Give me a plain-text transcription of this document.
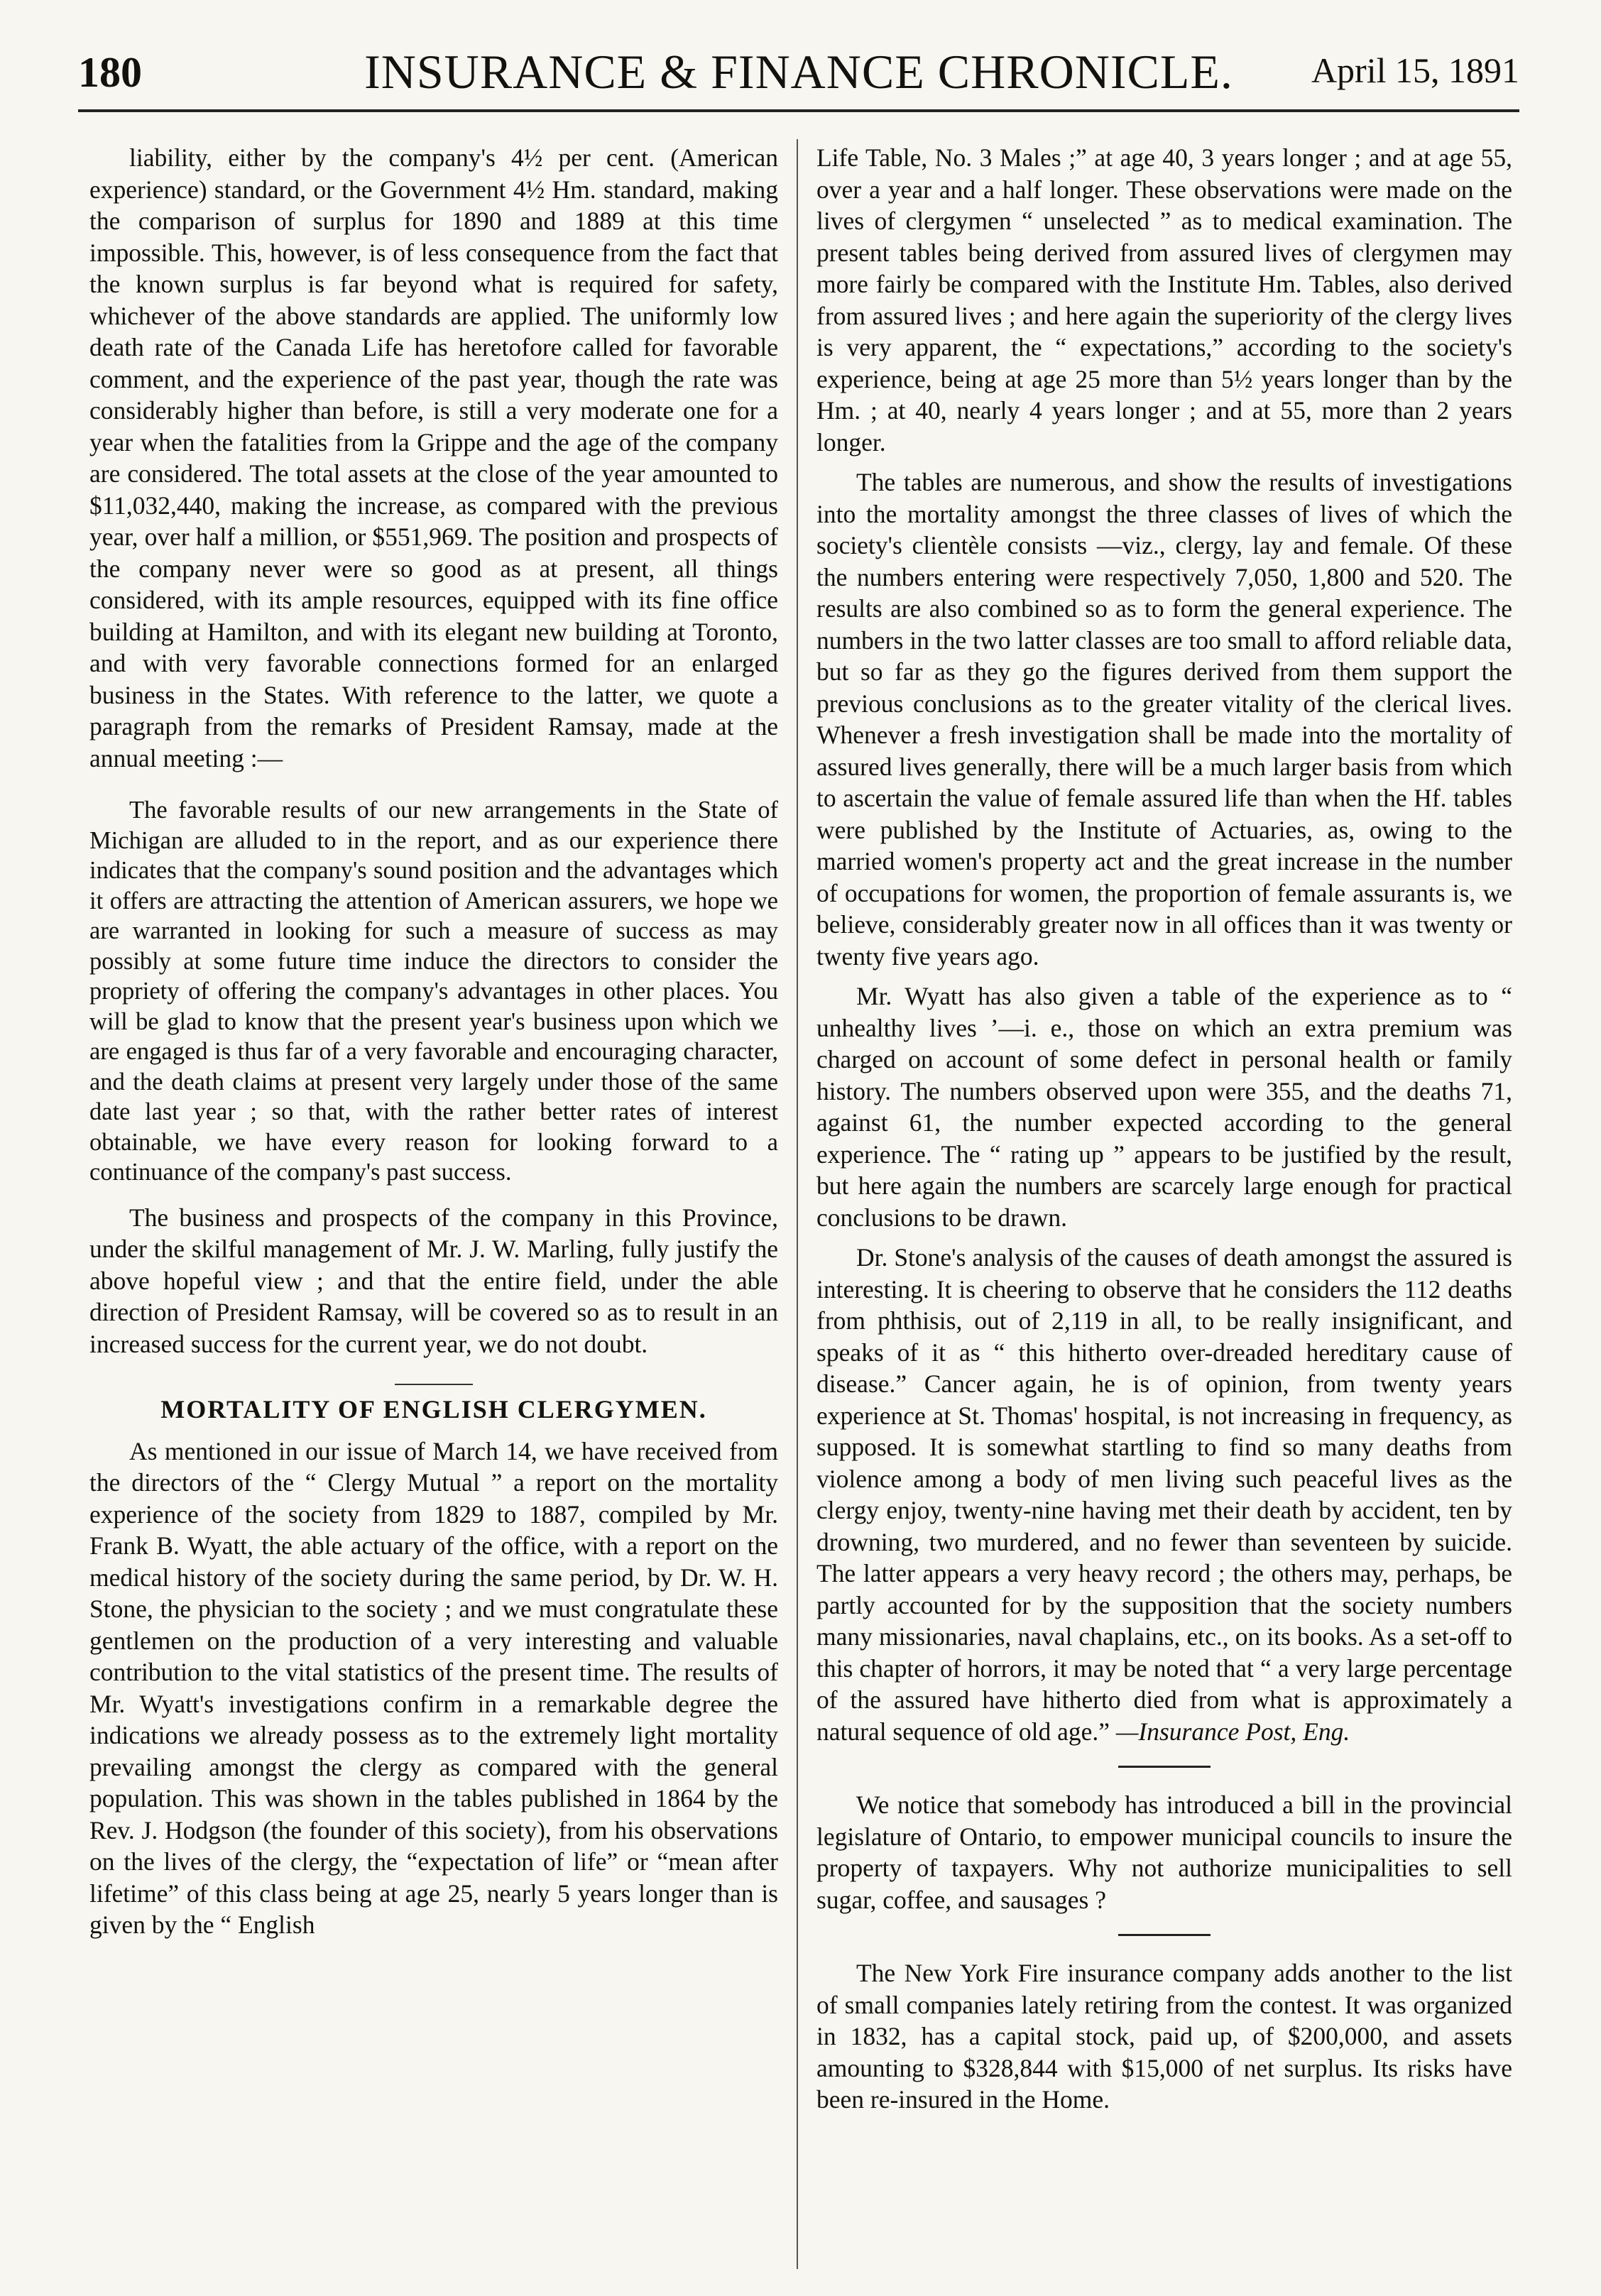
180	INSURANCE & FINANCE CHRONICLE.	April 15, 1891

liability, either by the company's 4½ per cent. (American experience) standard, or the Government 4½ Hm. standard, making the comparison of surplus for 1890 and 1889 at this time impossible. This, however, is of less consequence from the fact that the known surplus is far beyond what is required for safety, whichever of the above standards are applied. The uniformly low death rate of the Canada Life has heretofore called for favorable comment, and the experience of the past year, though the rate was considerably higher than before, is still a very moderate one for a year when the fatalities from la Grippe and the age of the company are considered. The total assets at the close of the year amounted to $11,032,440, making the increase, as compared with the previous year, over half a million, or $551,969. The position and prospects of the company never were so good as at present, all things considered, with its ample resources, equipped with its fine office building at Hamilton, and with its elegant new building at Toronto, and with very favorable connections formed for an enlarged business in the States. With reference to the latter, we quote a paragraph from the remarks of President Ramsay, made at the annual meeting :—

The favorable results of our new arrangements in the State of Michigan are alluded to in the report, and as our experience there indicates that the company's sound position and the advantages which it offers are attracting the attention of American assurers, we hope we are warranted in looking for such a measure of success as may possibly at some future time induce the directors to consider the propriety of offering the company's advantages in other places. You will be glad to know that the present year's business upon which we are engaged is thus far of a very favorable and encouraging character, and the death claims at present very largely under those of the same date last year ; so that, with the rather better rates of interest obtainable, we have every reason for looking forward to a continuance of the company's past success.

The business and prospects of the company in this Province, under the skilful management of Mr. J. W. Marling, fully justify the above hopeful view ; and that the entire field, under the able direction of President Ramsay, will be covered so as to result in an increased success for the current year, we do not doubt.

MORTALITY OF ENGLISH CLERGYMEN.

As mentioned in our issue of March 14, we have received from the directors of the “ Clergy Mutual ” a report on the mortality experience of the society from 1829 to 1887, compiled by Mr. Frank B. Wyatt, the able actuary of the office, with a report on the medical history of the society during the same period, by Dr. W. H. Stone, the physician to the society ; and we must congratulate these gentlemen on the production of a very interesting and valuable contribution to the vital statistics of the present time. The results of Mr. Wyatt's investigations confirm in a remarkable degree the indications we already possess as to the extremely light mortality prevailing amongst the clergy as compared with the general population. This was shown in the tables published in 1864 by the Rev. J. Hodgson (the founder of this society), from his observations on the lives of the clergy, the “expectation of life” or “mean after lifetime” of this class being at age 25, nearly 5 years longer than is given by the “ English

Life Table, No. 3 Males ;” at age 40, 3 years longer ; and at age 55, over a year and a half longer. These observations were made on the lives of clergymen “ unselected ” as to medical examination. The present tables being derived from assured lives of clergymen may more fairly be compared with the Institute Hm. Tables, also derived from assured lives ; and here again the superiority of the clergy lives is very apparent, the “ expectations,” according to the society's experience, being at age 25 more than 5½ years longer than by the Hm. ; at 40, nearly 4 years longer ; and at 55, more than 2 years longer.

The tables are numerous, and show the results of investigations into the mortality amongst the three classes of lives of which the society's clientèle consists —viz., clergy, lay and female. Of these the numbers entering were respectively 7,050, 1,800 and 520. The results are also combined so as to form the general experience. The numbers in the two latter classes are too small to afford reliable data, but so far as they go the figures derived from them support the previous conclusions as to the greater vitality of the clerical lives. Whenever a fresh investigation shall be made into the mortality of assured lives generally, there will be a much larger basis from which to ascertain the value of female assured life than when the Hf. tables were published by the Institute of Actuaries, as, owing to the married women's property act and the great increase in the number of occupations for women, the proportion of female assurants is, we believe, considerably greater now in all offices than it was twenty or twenty five years ago.

Mr. Wyatt has also given a table of the experience as to “ unhealthy lives ’—i. e., those on which an extra premium was charged on account of some defect in personal health or family history. The numbers observed upon were 355, and the deaths 71, against 61, the number expected according to the general experience. The “ rating up ” appears to be justified by the result, but here again the numbers are scarcely large enough for practical conclusions to be drawn.

Dr. Stone's analysis of the causes of death amongst the assured is interesting. It is cheering to observe that he considers the 112 deaths from phthisis, out of 2,119 in all, to be really insignificant, and speaks of it as “ this hitherto over-dreaded hereditary cause of disease.” Cancer again, he is of opinion, from twenty years experience at St. Thomas' hospital, is not increasing in frequency, as supposed. It is somewhat startling to find so many deaths from violence among a body of men living such peaceful lives as the clergy enjoy, twenty-nine having met their death by accident, ten by drowning, two murdered, and no fewer than seventeen by suicide. The latter appears a very heavy record ; the others may, perhaps, be partly accounted for by the supposition that the society numbers many missionaries, naval chaplains, etc., on its books. As a set-off to this chapter of horrors, it may be noted that “ a very large percentage of the assured have hitherto died from what is approximately a natural sequence of old age.” —Insurance Post, Eng.

We notice that somebody has introduced a bill in the provincial legislature of Ontario, to empower municipal councils to insure the property of taxpayers. Why not authorize municipalities to sell sugar, coffee, and sausages ?

The New York Fire insurance company adds another to the list of small companies lately retiring from the contest. It was organized in 1832, has a capital stock, paid up, of $200,000, and assets amounting to $328,844 with $15,000 of net surplus. Its risks have been re-insured in the Home.
